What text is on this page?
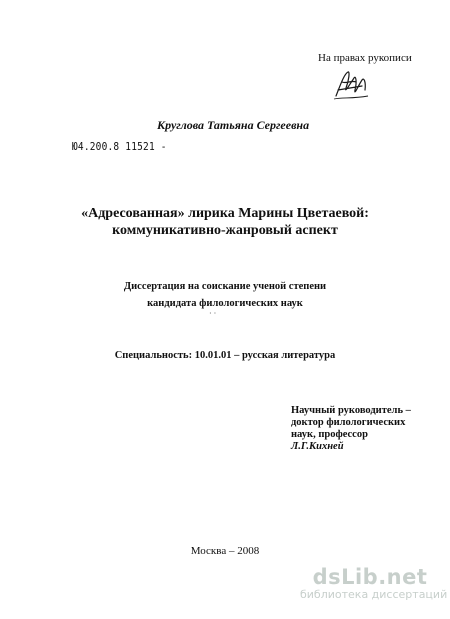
На правах рукописи
Круглова Татьяна Сергеевна
Ю4.200.8 11521 -
«Адресованная» лирика Марины Цветаевой:
коммуникативно-жанровый аспект
Диссертация на соискание ученой степени
кандидата филологических наук
· ·
Специальность: 10.01.01 – русская литература
Научный руководитель –
доктор филологических
наук, профессор
Л.Г.Кихней
Москва – 2008
dsLib.net
библиотека диссертаций
